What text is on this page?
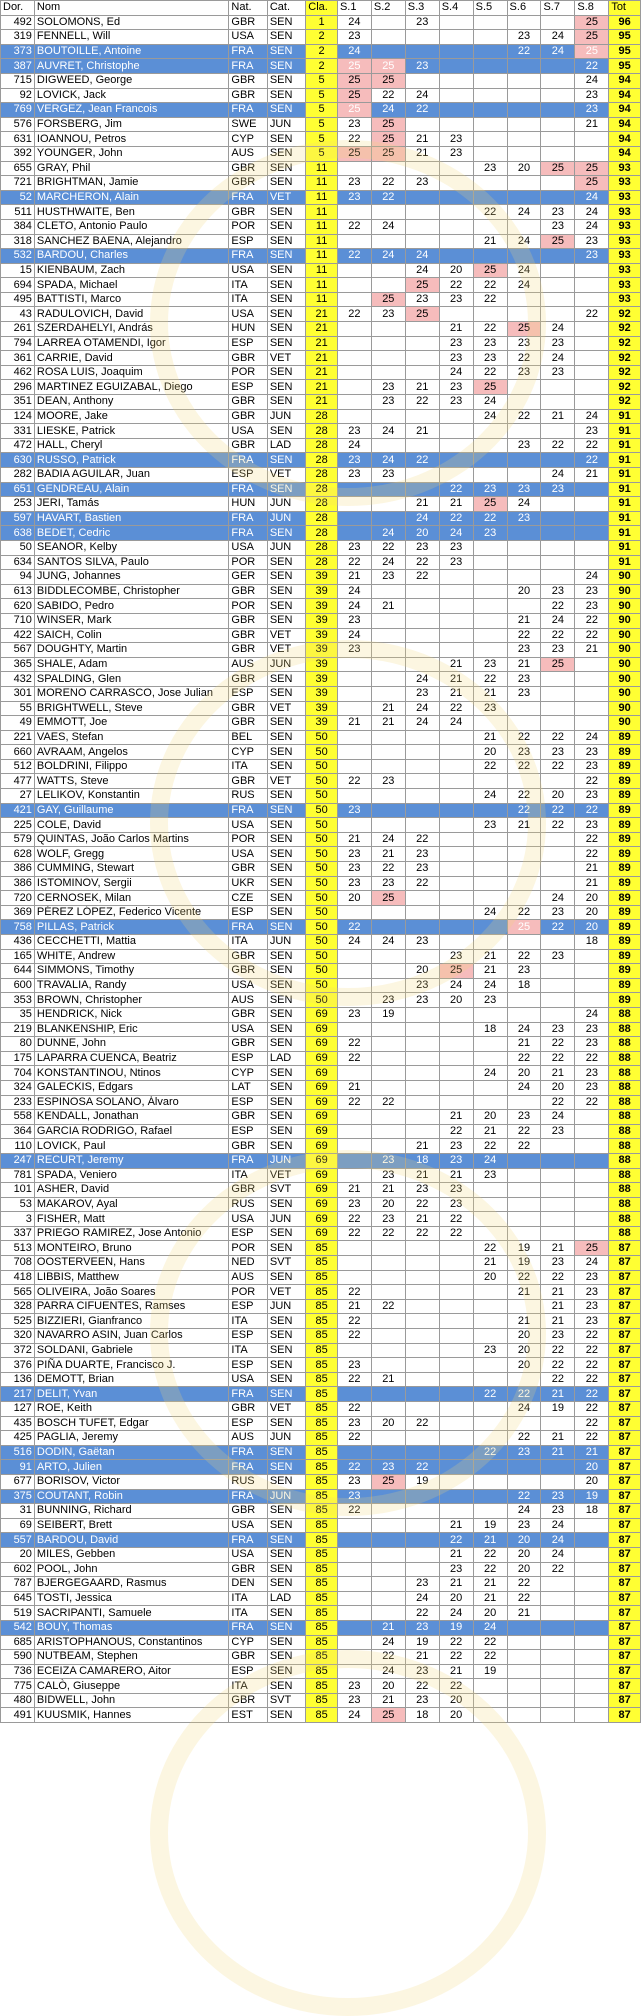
Dor.	Nom	Nat.	Cat.	Cla.	S.1	S.2	S.3	S.4	S.5	S.6	S.7	S.8	Tot
492	SOLOMONS, Ed	GBR	SEN	1	24		23					25	96
319	FENNELL, Will	USA	SEN	2	23					23	24	25	95
373	BOUTOILLE, Antoine	FRA	SEN	2	24					22	24	25	95
387	AUVRET, Christophe	FRA	SEN	2	25	25	23					22	95
715	DIGWEED, George	GBR	SEN	5	25	25						24	94
92	LOVICK, Jack	GBR	SEN	5	25	22	24					23	94
769	VERGEZ, Jean Francois	FRA	SEN	5	25	24	22					23	94
576	FORSBERG, Jim	SWE	JUN	5	23	25						21	94
631	IOANNOU, Petros	CYP	SEN	5	22	25	21	23					94
392	YOUNGER, John	AUS	SEN	5	25	25	21	23					94
655	GRAY, Phil	GBR	SEN	11					23	20	25	25	93
721	BRIGHTMAN, Jamie	GBR	SEN	11	23	22	23					25	93
52	MARCHERON, Alain	FRA	VET	11	23	22						24	93
511	HUSTHWAITE, Ben	GBR	SEN	11					22	24	23	24	93
384	CLETO, Antonio Paulo	POR	SEN	11	22	24					23	24	93
318	SANCHEZ BAENA, Alejandro	ESP	SEN	11					21	24	25	23	93
532	BARDOU, Charles	FRA	SEN	11	22	24	24					23	93
15	KIENBAUM, Zach	USA	SEN	11			24	20	25	24			93
694	SPADA, Michael	ITA	SEN	11			25	22	22	24			93
495	BATTISTI, Marco	ITA	SEN	11		25	23	23	22				93
43	RADULOVICH, David	USA	SEN	21	22	23	25					22	92
261	SZERDAHELYI, András	HUN	SEN	21				21	22	25	24		92
794	LARREA OTAMENDI, Igor	ESP	SEN	21				23	23	23	23		92
361	CARRIE, David	GBR	VET	21				23	23	22	24		92
462	ROSA LUIS, Joaquim	POR	SEN	21				24	22	23	23		92
296	MARTINEZ EGUIZABAL, Diego	ESP	SEN	21		23	21	23	25				92
351	DEAN, Anthony	GBR	SEN	21		23	22	23	24				92
124	MOORE, Jake	GBR	JUN	28					24	22	21	24	91
331	LIESKE, Patrick	USA	SEN	28	23	24	21					23	91
472	HALL, Cheryl	GBR	LAD	28	24					23	22	22	91
630	RUSSO, Patrick	FRA	SEN	28	23	24	22					22	91
282	BADIA AGUILAR, Juan	ESP	VET	28	23	23					24	21	91
651	GENDREAU, Alain	FRA	SEN	28				22	23	23	23		91
253	JERI, Tamás	HUN	JUN	28			21	21	25	24			91
597	HAVART, Bastien	FRA	JUN	28			24	22	22	23			91
638	BEDET, Cedric	FRA	SEN	28		24	20	24	23				91
50	SEANOR, Kelby	USA	JUN	28	23	22	23	23					91
634	SANTOS SILVA, Paulo	POR	SEN	28	22	24	22	23					91
94	JUNG, Johannes	GER	SEN	39	21	23	22					24	90
613	BIDDLECOMBE, Christopher	GBR	SEN	39	24					20	23	23	90
620	SABIDO, Pedro	POR	SEN	39	24	21					22	23	90
710	WINSER, Mark	GBR	SEN	39	23					21	24	22	90
422	SAICH, Colin	GBR	VET	39	24					22	22	22	90
567	DOUGHTY, Martin	GBR	VET	39	23					23	23	21	90
365	SHALE, Adam	AUS	JUN	39				21	23	21	25		90
432	SPALDING, Glen	GBR	SEN	39			24	21	22	23			90
301	MORENO CARRASCO, Jose Julian	ESP	SEN	39			23	21	21	23			90
55	BRIGHTWELL, Steve	GBR	VET	39		21	24	22	23				90
49	EMMOTT, Joe	GBR	SEN	39	21	21	24	24					90
221	VAES, Stefan	BEL	SEN	50					21	22	22	24	89
660	AVRAAM, Angelos	CYP	SEN	50					20	23	23	23	89
512	BOLDRINI, Filippo	ITA	SEN	50					22	22	22	23	89
477	WATTS, Steve	GBR	VET	50	22	23						22	89
27	LELIKOV, Konstantin	RUS	SEN	50					24	22	20	23	89
421	GAY, Guillaume	FRA	SEN	50	23					22	22	22	89
225	COLE, David	USA	SEN	50					23	21	22	23	89
579	QUINTAS, João Carlos Martins	POR	SEN	50	21	24	22					22	89
628	WOLF, Gregg	USA	SEN	50	23	21	23					22	89
386	CUMMING, Stewart	GBR	SEN	50	23	22	23					21	89
386	ISTOMINOV, Sergii	UKR	SEN	50	23	23	22					21	89
720	CERNOSEK, Milan	CZE	SEN	50	20	25					24	20	89
369	PÉREZ LÓPEZ, Federico Vicente	ESP	SEN	50					24	22	23	20	89
758	PILLAS, Patrick	FRA	SEN	50	22					25	22	20	89
436	CECCHETTI, Mattia	ITA	JUN	50	24	24	23					18	89
165	WHITE, Andrew	GBR	SEN	50				23	21	22	23		89
644	SIMMONS, Timothy	GBR	SEN	50			20	25	21	23			89
600	TRAVALIA, Randy	USA	SEN	50			23	24	24	18			89
353	BROWN, Christopher	AUS	SEN	50		23	23	20	23				89
35	HENDRICK, Nick	GBR	SEN	69	23	19						24	88
219	BLANKENSHIP, Eric	USA	SEN	69					18	24	23	23	88
80	DUNNE, John	GBR	SEN	69	22					21	22	23	88
175	LAPARRA CUENCA, Beatriz	ESP	LAD	69	22					22	22	22	88
704	KONSTANTINOU, Ntinos	CYP	SEN	69					24	20	21	23	88
324	GALECKIS, Edgars	LAT	SEN	69	21					24	20	23	88
233	ESPINOSA SOLANO, Álvaro	ESP	SEN	69	22	22					22	22	88
558	KENDALL, Jonathan	GBR	SEN	69				21	20	23	24		88
364	GARCIA RODRIGO, Rafael	ESP	SEN	69				22	21	22	23		88
110	LOVICK, Paul	GBR	SEN	69			21	23	22	22			88
247	RECURT, Jeremy	FRA	JUN	69		23	18	23	24				88
781	SPADA, Veniero	ITA	VET	69		23	21	21	23				88
101	ASHER, David	GBR	SVT	69	21	21	23	23					88
53	MAKAROV, Ayal	RUS	SEN	69	23	20	22	23					88
3	FISHER, Matt	USA	JUN	69	22	23	21	22					88
337	PRIEGO RAMIREZ, Jose Antonio	ESP	SEN	69	22	22	22	22					88
513	MONTEIRO, Bruno	POR	SEN	85					22	19	21	25	87
708	OOSTERVEEN, Hans	NED	SVT	85					21	19	23	24	87
418	LIBBIS, Matthew	AUS	SEN	85					20	22	22	23	87
565	OLIVEIRA, João Soares	POR	VET	85	22					21	21	23	87
328	PARRA CIFUENTES, Ramses	ESP	JUN	85	21	22					21	23	87
525	BIZZIERI, Gianfranco	ITA	SEN	85	22					21	21	23	87
320	NAVARRO ASIN, Juan Carlos	ESP	SEN	85	22					20	23	22	87
372	SOLDANI, Gabriele	ITA	SEN	85					23	20	22	22	87
376	PIÑA DUARTE, Francisco J.	ESP	SEN	85	23					20	22	22	87
136	DEMOTT, Brian	USA	SEN	85	22	21					22	22	87
217	DELIT, Yvan	FRA	SEN	85					22	22	21	22	87
127	ROE, Keith	GBR	VET	85	22					24	19	22	87
435	BOSCH TUFET, Edgar	ESP	SEN	85	23	20	22					22	87
425	PAGLIA, Jeremy	AUS	JUN	85	22					22	21	22	87
516	DODIN, Gaëtan	FRA	SEN	85					22	23	21	21	87
91	ARTO, Julien	FRA	SEN	85	22	23	22					20	87
677	BORISOV, Victor	RUS	SEN	85	23	25	19					20	87
375	COUTANT, Robin	FRA	JUN	85	23					22	23	19	87
31	BUNNING, Richard	GBR	SEN	85	22					24	23	18	87
69	SEIBERT, Brett	USA	SEN	85				21	19	23	24		87
557	BARDOU, David	FRA	SEN	85				22	21	20	24		87
20	MILES, Gebben	USA	SEN	85				21	22	20	24		87
602	POOL, John	GBR	SEN	85				23	22	20	22		87
787	BJERGEGAARD, Rasmus	DEN	SEN	85			23	21	21	22			87
645	TOSTI, Jessica	ITA	LAD	85			24	20	21	22			87
519	SACRIPANTI, Samuele	ITA	SEN	85			22	24	20	21			87
542	BOUY, Thomas	FRA	SEN	85		21	23	19	24				87
685	ARISTOPHANOUS, Constantinos	CYP	SEN	85		24	19	22	22				87
590	NUTBEAM, Stephen	GBR	SEN	85		22	21	22	22				87
736	ECEIZA CAMARERO, Aitor	ESP	SEN	85		24	23	21	19				87
775	CALÒ, Giuseppe	ITA	SEN	85	23	20	22	22					87
480	BIDWELL, John	GBR	SVT	85	23	21	23	20					87
491	KUUSMIK, Hannes	EST	SEN	85	24	25	18	20					87
